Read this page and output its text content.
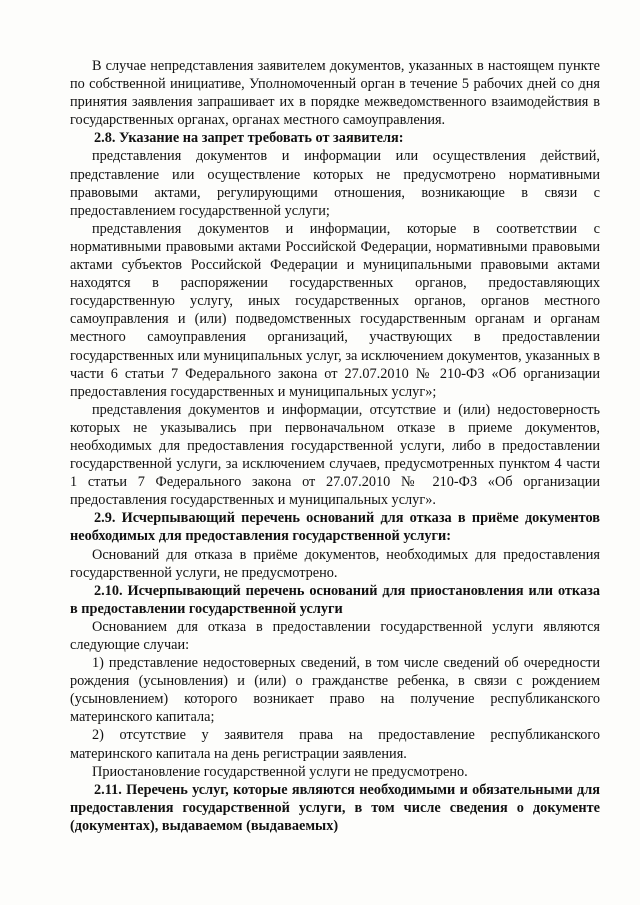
В случае непредставления заявителем документов, указанных в настоящем пункте по собственной инициативе, Уполномоченный орган в течение 5 рабочих дней со дня принятия заявления запрашивает их в порядке межведомственного взаимодействия в государственных органах, органах местного самоуправления.

2.8. Указание на запрет требовать от заявителя:

представления документов и информации или осуществления действий, представление или осуществление которых не предусмотрено нормативными правовыми актами, регулирующими отношения, возникающие в связи с предоставлением государственной услуги;

представления документов и информации, которые в соответствии с нормативными правовыми актами Российской Федерации, нормативными правовыми актами субъектов Российской Федерации и муниципальными правовыми актами находятся в распоряжении государственных органов, предоставляющих государственную услугу, иных государственных органов, органов местного самоуправления и (или) подведомственных государственным органам и органам местного самоуправления организаций, участвующих в предоставлении государственных или муниципальных услуг, за исключением документов, указанных в части 6 статьи 7 Федерального закона от 27.07.2010 № 210-ФЗ «Об организации предоставления государственных и муниципальных услуг»;

представления документов и информации, отсутствие и (или) недостоверность которых не указывались при первоначальном отказе в приеме документов, необходимых для предоставления государственной услуги, либо в предоставлении государственной услуги, за исключением случаев, предусмотренных пунктом 4 части 1 статьи 7 Федерального закона от 27.07.2010 № 210-ФЗ «Об организации предоставления государственных и муниципальных услуг».

2.9. Исчерпывающий перечень оснований для отказа в приёме документов необходимых для предоставления государственной услуги:

Оснований для отказа в приёме документов, необходимых для предоставления государственной услуги, не предусмотрено.

2.10. Исчерпывающий перечень оснований для приостановления или отказа в предоставлении государственной услуги

Основанием для отказа в предоставлении государственной услуги являются следующие случаи:

1) представление недостоверных сведений, в том числе сведений об очередности рождения (усыновления) и (или) о гражданстве ребенка, в связи с рождением (усыновлением) которого возникает право на получение республиканского материнского капитала;

2) отсутствие у заявителя права на предоставление республиканского материнского капитала на день регистрации заявления.

Приостановление государственной услуги не предусмотрено.

2.11. Перечень услуг, которые являются необходимыми и обязательными для предоставления государственной услуги, в том числе сведения о документе (документах), выдаваемом (выдаваемых)
